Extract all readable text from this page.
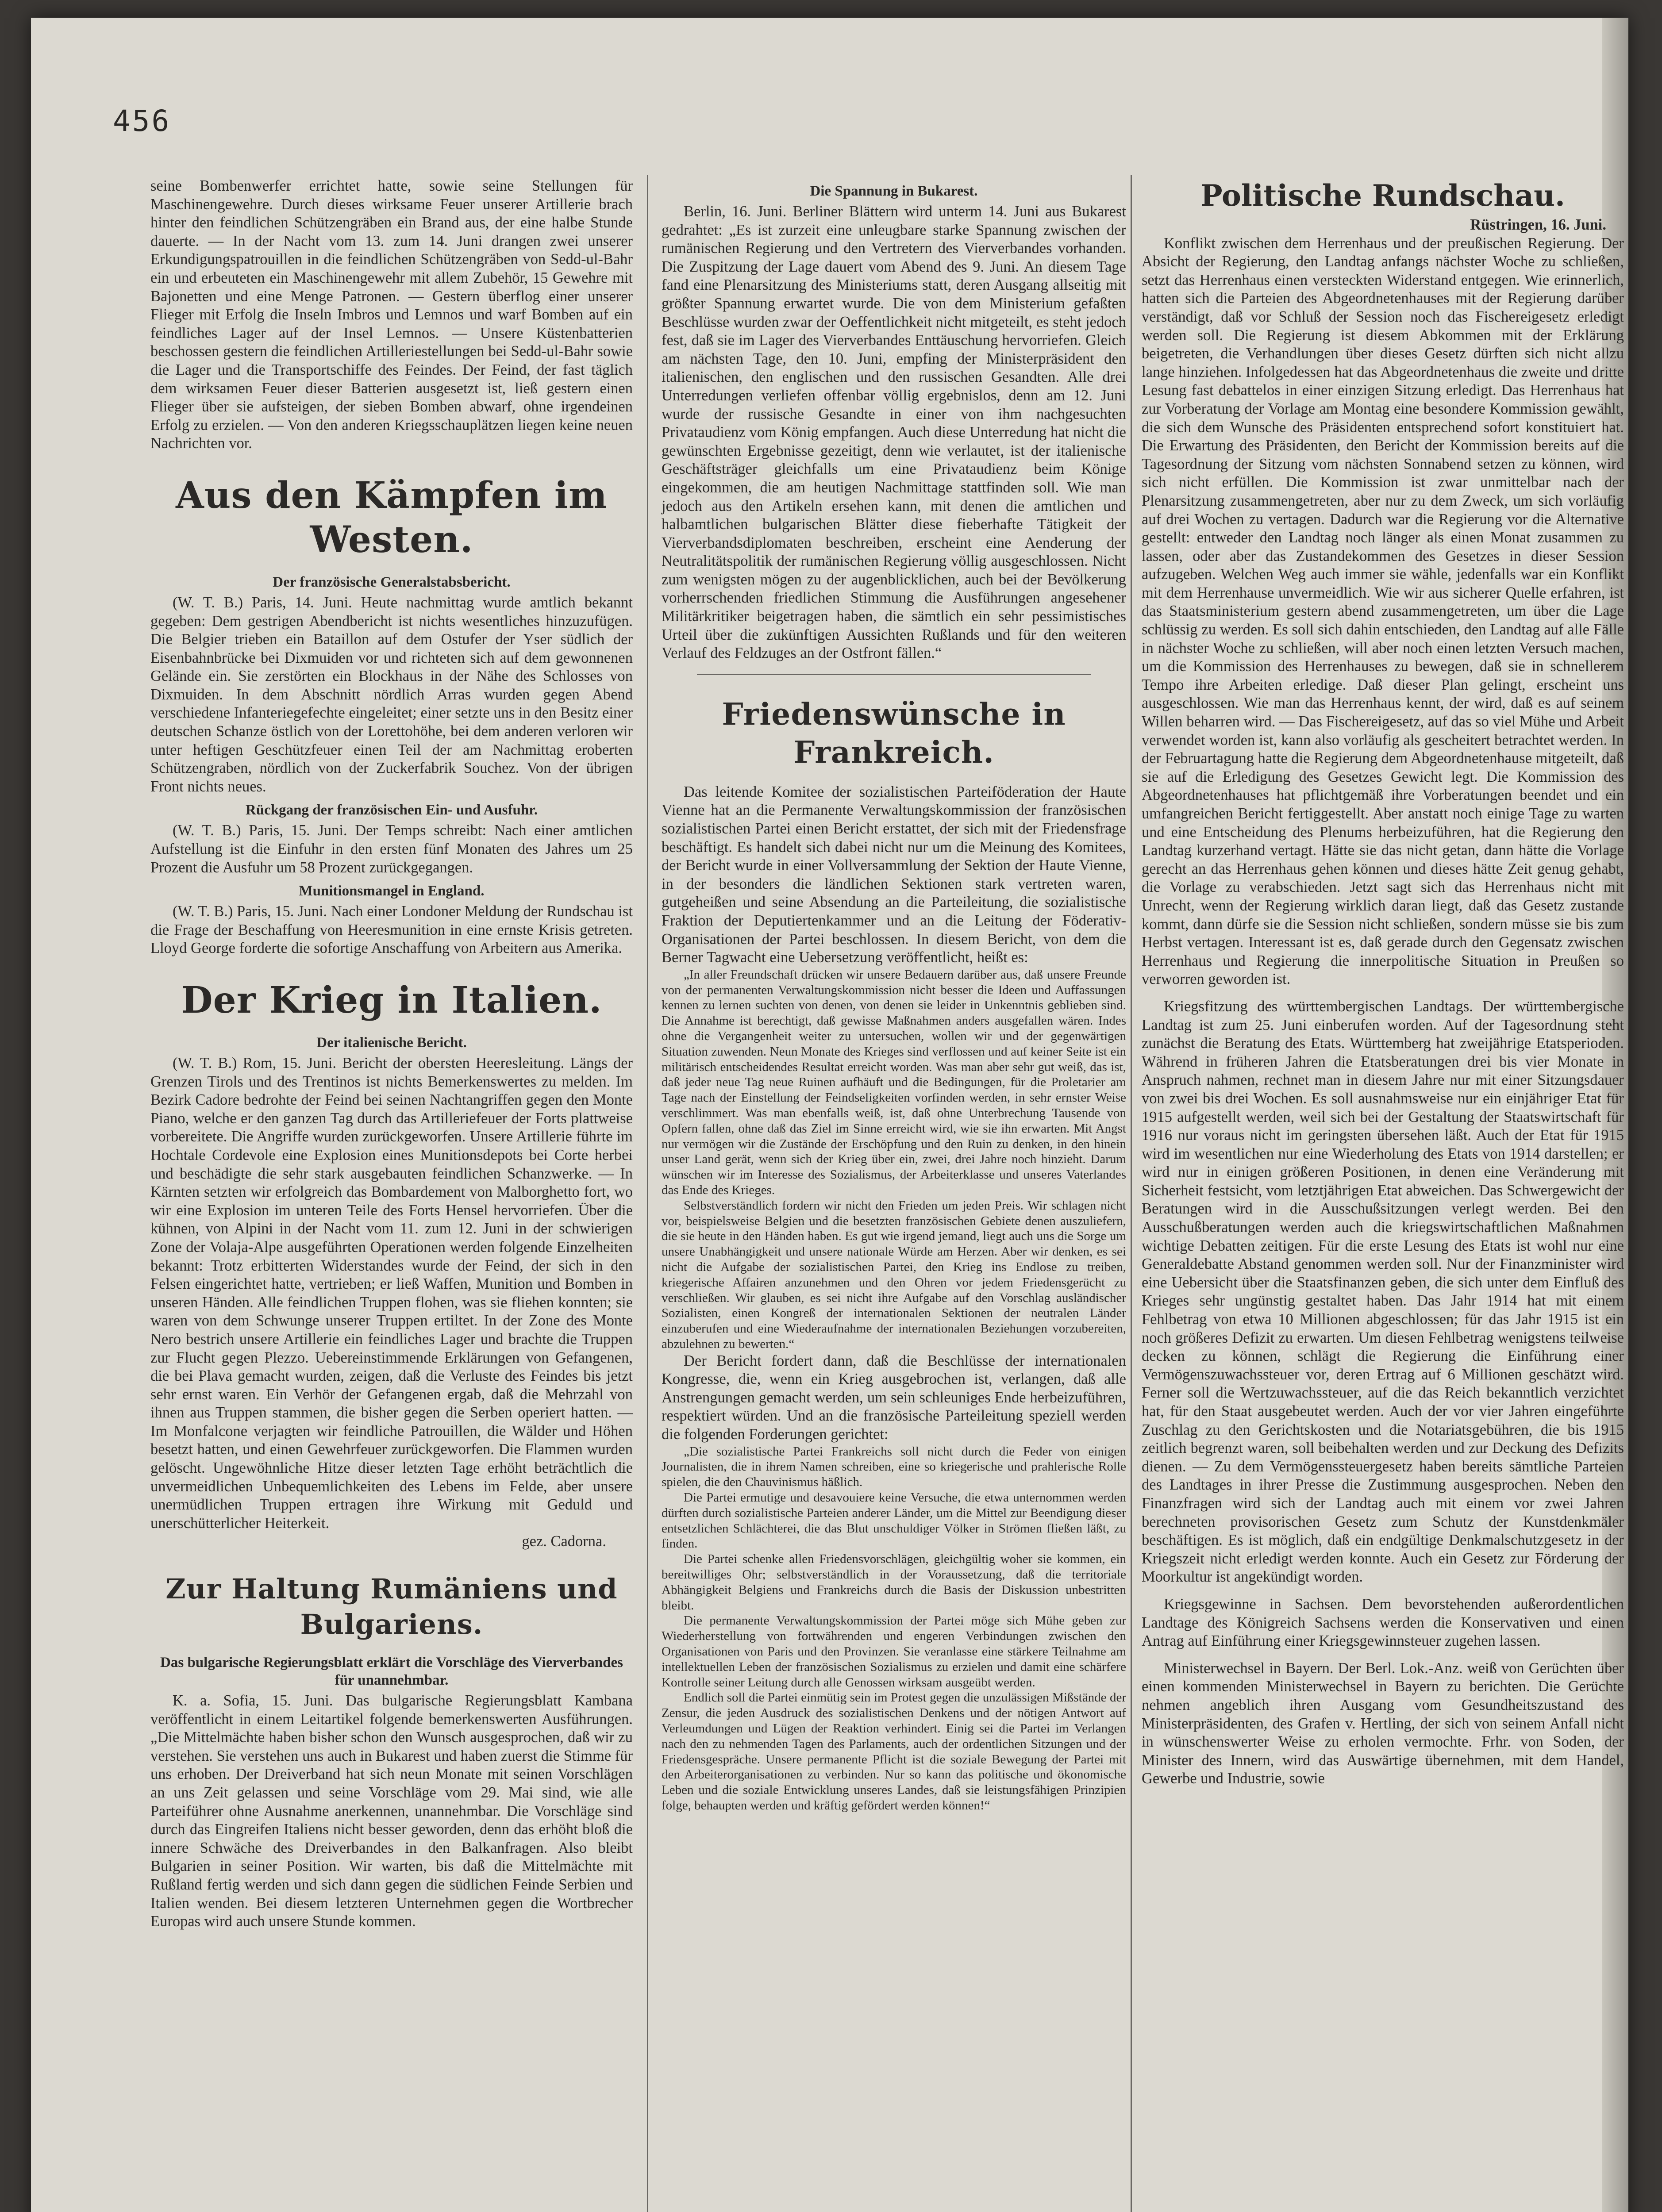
456

seine Bombenwerfer errichtet hatte, sowie seine Stellungen für Maschinengewehre. Durch dieses wirksame Feuer unserer Artillerie brach hinter den feindlichen Schützengräben ein Brand aus, der eine halbe Stunde dauerte. — In der Nacht vom 13. zum 14. Juni drangen zwei unserer Erkundigungspatrouillen in die feindlichen Schützengräben von Sedd-ul-Bahr ein und erbeuteten ein Maschinengewehr mit allem Zubehör, 15 Gewehre mit Bajonetten und eine Menge Patronen. — Gestern überflog einer unserer Flieger mit Erfolg die Inseln Imbros und Lemnos und warf Bomben auf ein feindliches Lager auf der Insel Lemnos. — Unsere Küstenbatterien beschossen gestern die feindlichen Artilleriestellungen bei Sedd-ul-Bahr sowie die Lager und die Transportschiffe des Feindes. Der Feind, der fast täglich dem wirksamen Feuer dieser Batterien ausgesetzt ist, ließ gestern einen Flieger über sie aufsteigen, der sieben Bomben abwarf, ohne irgendeinen Erfolg zu erzielen. — Von den anderen Kriegsschauplätzen liegen keine neuen Nachrichten vor.

Aus den Kämpfen im Westen.
Der französische Generalstabsbericht.

(W. T. B.) Paris, 14. Juni. Heute nachmittag wurde amtlich bekannt gegeben: Dem gestrigen Abendbericht ist nichts wesentliches hinzuzufügen. Die Belgier trieben ein Bataillon auf dem Ostufer der Yser südlich der Eisenbahnbrücke bei Dixmuiden vor und richteten sich auf dem gewonnenen Gelände ein. Sie zerstörten ein Blockhaus in der Nähe des Schlosses von Dixmuiden. In dem Abschnitt nördlich Arras wurden gegen Abend verschiedene Infanteriegefechte eingeleitet; einer setzte uns in den Besitz einer deutschen Schanze östlich von der Lorettohöhe, bei dem anderen verloren wir unter heftigen Geschützfeuer einen Teil der am Nachmittag eroberten Schützengraben, nördlich von der Zuckerfabrik Souchez. Von der übrigen Front nichts neues.

Rückgang der französischen Ein- und Ausfuhr.

(W. T. B.) Paris, 15. Juni. Der Temps schreibt: Nach einer amtlichen Aufstellung ist die Einfuhr in den ersten fünf Monaten des Jahres um 25 Prozent die Ausfuhr um 58 Prozent zurückgegangen.

Munitionsmangel in England.

(W. T. B.) Paris, 15. Juni. Nach einer Londoner Meldung der Rundschau ist die Frage der Beschaffung von Heeresmunition in eine ernste Krisis getreten. Lloyd George forderte die sofortige Anschaffung von Arbeitern aus Amerika.

Der Krieg in Italien.
Der italienische Bericht.

(W. T. B.) Rom, 15. Juni. Bericht der obersten Heeresleitung. Längs der Grenzen Tirols und des Trentinos ist nichts Bemerkenswertes zu melden. Im Bezirk Cadore bedrohte der Feind bei seinen Nachtangriffen gegen den Monte Piano, welche er den ganzen Tag durch das Artilleriefeuer der Forts plattweise vorbereitete. Die Angriffe wurden zurückgeworfen. Unsere Artillerie führte im Hochtale Cordevole eine Explosion eines Munitionsdepots bei Corte herbei und beschädigte die sehr stark ausgebauten feindlichen Schanzwerke. — In Kärnten setzten wir erfolgreich das Bombardement von Malborghetto fort, wo wir eine Explosion im unteren Teile des Forts Hensel hervorriefen. Über die kühnen, von Alpini in der Nacht vom 11. zum 12. Juni in der schwierigen Zone der Volaja-Alpe ausgeführten Operationen werden folgende Einzelheiten bekannt: Trotz erbitterten Widerstandes wurde der Feind, der sich in den Felsen eingerichtet hatte, vertrieben; er ließ Waffen, Munition und Bomben in unseren Händen. Alle feindlichen Truppen flohen, was sie fliehen konnten; sie waren von dem Schwunge unserer Truppen ertiltet. In der Zone des Monte Nero bestrich unsere Artillerie ein feindliches Lager und brachte die Truppen zur Flucht gegen Plezzo. Uebereinstimmende Erklärungen von Gefangenen, die bei Plava gemacht wurden, zeigen, daß die Verluste des Feindes bis jetzt sehr ernst waren. Ein Verhör der Gefangenen ergab, daß die Mehrzahl von ihnen aus Truppen stammen, die bisher gegen die Serben operiert hatten. — Im Monfalcone verjagten wir feindliche Patrouillen, die Wälder und Höhen besetzt hatten, und einen Gewehrfeuer zurückgeworfen. Die Flammen wurden gelöscht. Ungewöhnliche Hitze dieser letzten Tage erhöht beträchtlich die unvermeidlichen Unbequemlichkeiten des Lebens im Felde, aber unsere unermüdlichen Truppen ertragen ihre Wirkung mit Geduld und unerschütterlicher Heiterkeit.

gez. Cadorna.
Zur Haltung Rumäniens und Bulgariens.
Das bulgarische Regierungsblatt erklärt die Vorschläge des Vierverbandes für unannehmbar.

K. a. Sofia, 15. Juni. Das bulgarische Regierungsblatt Kambana veröffentlicht in einem Leitartikel folgende bemerkenswerten Ausführungen. „Die Mittelmächte haben bisher schon den Wunsch ausgesprochen, daß wir zu verstehen. Sie verstehen uns auch in Bukarest und haben zuerst die Stimme für uns erhoben. Der Dreiverband hat sich neun Monate mit seinen Vorschlägen an uns Zeit gelassen und seine Vorschläge vom 29. Mai sind, wie alle Parteiführer ohne Ausnahme anerkennen, unannehmbar. Die Vorschläge sind durch das Eingreifen Italiens nicht besser geworden, denn das erhöht bloß die innere Schwäche des Dreiverbandes in den Balkanfragen. Also bleibt Bulgarien in seiner Position. Wir warten, bis daß die Mittelmächte mit Rußland fertig werden und sich dann gegen die südlichen Feinde Serbien und Italien wenden. Bei diesem letzteren Unternehmen gegen die Wortbrecher Europas wird auch unsere Stunde kommen.

Die Spannung in Bukarest.

Berlin, 16. Juni. Berliner Blättern wird unterm 14. Juni aus Bukarest gedrahtet: „Es ist zurzeit eine unleugbare starke Spannung zwischen der rumänischen Regierung und den Vertretern des Vierverbandes vorhanden. Die Zuspitzung der Lage dauert vom Abend des 9. Juni. An diesem Tage fand eine Plenarsitzung des Ministeriums statt, deren Ausgang allseitig mit größter Spannung erwartet wurde. Die von dem Ministerium gefaßten Beschlüsse wurden zwar der Oeffentlichkeit nicht mitgeteilt, es steht jedoch fest, daß sie im Lager des Vierverbandes Enttäuschung hervorriefen. Gleich am nächsten Tage, den 10. Juni, empfing der Ministerpräsident den italienischen, den englischen und den russischen Gesandten. Alle drei Unterredungen verliefen offenbar völlig ergebnislos, denn am 12. Juni wurde der russische Gesandte in einer von ihm nachgesuchten Privataudienz vom König empfangen. Auch diese Unterredung hat nicht die gewünschten Ergebnisse gezeitigt, denn wie verlautet, ist der italienische Geschäftsträger gleichfalls um eine Privataudienz beim Könige eingekommen, die am heutigen Nachmittage stattfinden soll. Wie man jedoch aus den Artikeln ersehen kann, mit denen die amtlichen und halbamtlichen bulgarischen Blätter diese fieberhafte Tätigkeit der Vierverbandsdiplomaten beschreiben, erscheint eine Aenderung der Neutralitätspolitik der rumänischen Regierung völlig ausgeschlossen. Nicht zum wenigsten mögen zu der augenblicklichen, auch bei der Bevölkerung vorherrschenden friedlichen Stimmung die Ausführungen angesehener Militärkritiker beigetragen haben, die sämtlich ein sehr pessimistisches Urteil über die zukünftigen Aussichten Rußlands und für den weiteren Verlauf des Feldzuges an der Ostfront fällen.“

Friedenswünsche in Frankreich.

Das leitende Komitee der sozialistischen Parteiföderation der Haute Vienne hat an die Permanente Verwaltungskommission der französischen sozialistischen Partei einen Bericht erstattet, der sich mit der Friedensfrage beschäftigt. Es handelt sich dabei nicht nur um die Meinung des Komitees, der Bericht wurde in einer Vollversammlung der Sektion der Haute Vienne, in der besonders die ländlichen Sektionen stark vertreten waren, gutgeheißen und seine Absendung an die Parteileitung, die sozialistische Fraktion der Deputiertenkammer und an die Leitung der Föderativ-Organisationen der Partei beschlossen. In diesem Bericht, von dem die Berner Tagwacht eine Uebersetzung veröffentlicht, heißt es:

„In aller Freundschaft drücken wir unsere Bedauern darüber aus, daß unsere Freunde von der permanenten Verwaltungskommission nicht besser die Ideen und Auffassungen kennen zu lernen suchten von denen, von denen sie leider in Unkenntnis geblieben sind. Die Annahme ist berechtigt, daß gewisse Maßnahmen anders ausgefallen wären. Indes ohne die Vergangenheit weiter zu untersuchen, wollen wir und der gegenwärtigen Situation zuwenden. Neun Monate des Krieges sind verflossen und auf keiner Seite ist ein militärisch entscheidendes Resultat erreicht worden. Was man aber sehr gut weiß, das ist, daß jeder neue Tag neue Ruinen aufhäuft und die Bedingungen, für die Proletarier am Tage nach der Einstellung der Feindseligkeiten vorfinden werden, in sehr ernster Weise verschlimmert. Was man ebenfalls weiß, ist, daß ohne Unterbrechung Tausende von Opfern fallen, ohne daß das Ziel im Sinne erreicht wird, wie sie ihn erwarten. Mit Angst nur vermögen wir die Zustände der Erschöpfung und den Ruin zu denken, in den hinein unser Land gerät, wenn sich der Krieg über ein, zwei, drei Jahre noch hinzieht. Darum wünschen wir im Interesse des Sozialismus, der Arbeiterklasse und unseres Vaterlandes das Ende des Krieges.

Selbstverständlich fordern wir nicht den Frieden um jeden Preis. Wir schlagen nicht vor, beispielsweise Belgien und die besetzten französischen Gebiete denen auszuliefern, die sie heute in den Händen haben. Es gut wie irgend jemand, liegt auch uns die Sorge um unsere Unabhängigkeit und unsere nationale Würde am Herzen. Aber wir denken, es sei nicht die Aufgabe der sozialistischen Partei, den Krieg ins Endlose zu treiben, kriegerische Affairen anzunehmen und den Ohren vor jedem Friedensgerücht zu verschließen. Wir glauben, es sei nicht ihre Aufgabe auf den Vorschlag ausländischer Sozialisten, einen Kongreß der internationalen Sektionen der neutralen Länder einzuberufen und eine Wiederaufnahme der internationalen Beziehungen vorzubereiten, abzulehnen zu bewerten.“

Der Bericht fordert dann, daß die Beschlüsse der internationalen Kongresse, die, wenn ein Krieg ausgebrochen ist, verlangen, daß alle Anstrengungen gemacht werden, um sein schleuniges Ende herbeizuführen, respektiert würden. Und an die französische Parteileitung speziell werden die folgenden Forderungen gerichtet:

„Die sozialistische Partei Frankreichs soll nicht durch die Feder von einigen Journalisten, die in ihrem Namen schreiben, eine so kriegerische und prahlerische Rolle spielen, die den Chauvinismus häßlich.

Die Partei ermutige und desavouiere keine Versuche, die etwa unternommen werden dürften durch sozialistische Parteien anderer Länder, um die Mittel zur Beendigung dieser entsetzlichen Schlächterei, die das Blut unschuldiger Völker in Strömen fließen läßt, zu finden.

Die Partei schenke allen Friedensvorschlägen, gleichgültig woher sie kommen, ein bereitwilliges Ohr; selbstverständlich in der Voraussetzung, daß die territoriale Abhängigkeit Belgiens und Frankreichs durch die Basis der Diskussion unbestritten bleibt.

Die permanente Verwaltungskommission der Partei möge sich Mühe geben zur Wiederherstellung von fortwährenden und engeren Verbindungen zwischen den Organisationen von Paris und den Provinzen. Sie veranlasse eine stärkere Teilnahme am intellektuellen Leben der französischen Sozialismus zu erzielen und damit eine schärfere Kontrolle seiner Leitung durch alle Genossen wirksam ausgeübt werden.

Endlich soll die Partei einmütig sein im Protest gegen die unzulässigen Mißstände der Zensur, die jeden Ausdruck des sozialistischen Denkens und der nötigen Antwort auf Verleumdungen und Lügen der Reaktion verhindert. Einig sei die Partei im Verlangen nach den zu nehmenden Tagen des Parlaments, auch der ordentlichen Sitzungen und der Friedensgespräche. Unsere permanente Pflicht ist die soziale Bewegung der Partei mit den Arbeiterorganisationen zu verbinden. Nur so kann das politische und ökonomische Leben und die soziale Entwicklung unseres Landes, daß sie leistungsfähigen Prinzipien folge, behaupten werden und kräftig gefördert werden können!“

Politische Rundschau.
Rüstringen, 16. Juni.

Konflikt zwischen dem Herrenhaus und der preußischen Regierung. Der Absicht der Regierung, den Landtag anfangs nächster Woche zu schließen, setzt das Herrenhaus einen versteckten Widerstand entgegen. Wie erinnerlich, hatten sich die Parteien des Abgeordnetenhauses mit der Regierung darüber verständigt, daß vor Schluß der Session noch das Fischereigesetz erledigt werden soll. Die Regierung ist diesem Abkommen mit der Erklärung beigetreten, die Verhandlungen über dieses Gesetz dürften sich nicht allzu lange hinziehen. Infolgedessen hat das Abgeordnetenhaus die zweite und dritte Lesung fast debattelos in einer einzigen Sitzung erledigt. Das Herrenhaus hat zur Vorberatung der Vorlage am Montag eine besondere Kommission gewählt, die sich dem Wunsche des Präsidenten entsprechend sofort konstituiert hat. Die Erwartung des Präsidenten, den Bericht der Kommission bereits auf die Tagesordnung der Sitzung vom nächsten Sonnabend setzen zu können, wird sich nicht erfüllen. Die Kommission ist zwar unmittelbar nach der Plenarsitzung zusammengetreten, aber nur zu dem Zweck, um sich vorläufig auf drei Wochen zu vertagen. Dadurch war die Regierung vor die Alternative gestellt: entweder den Landtag noch länger als einen Monat zusammen zu lassen, oder aber das Zustandekommen des Gesetzes in dieser Session aufzugeben. Welchen Weg auch immer sie wähle, jedenfalls war ein Konflikt mit dem Herrenhause unvermeidlich. Wie wir aus sicherer Quelle erfahren, ist das Staatsministerium gestern abend zusammengetreten, um über die Lage schlüssig zu werden. Es soll sich dahin entschieden, den Landtag auf alle Fälle in nächster Woche zu schließen, will aber noch einen letzten Versuch machen, um die Kommission des Herrenhauses zu bewegen, daß sie in schnellerem Tempo ihre Arbeiten erledige. Daß dieser Plan gelingt, erscheint uns ausgeschlossen. Wie man das Herrenhaus kennt, der wird, daß es auf seinem Willen beharren wird. — Das Fischereigesetz, auf das so viel Mühe und Arbeit verwendet worden ist, kann also vorläufig als gescheitert betrachtet werden. In der Februartagung hatte die Regierung dem Abgeordnetenhause mitgeteilt, daß sie auf die Erledigung des Gesetzes Gewicht legt. Die Kommission des Abgeordnetenhauses hat pflichtgemäß ihre Vorberatungen beendet und ein umfangreichen Bericht fertiggestellt. Aber anstatt noch einige Tage zu warten und eine Entscheidung des Plenums herbeizuführen, hat die Regierung den Landtag kurzerhand vertagt. Hätte sie das nicht getan, dann hätte die Vorlage gerecht an das Herrenhaus gehen können und dieses hätte Zeit genug gehabt, die Vorlage zu verabschieden. Jetzt sagt sich das Herrenhaus nicht mit Unrecht, wenn der Regierung wirklich daran liegt, daß das Gesetz zustande kommt, dann dürfe sie die Session nicht schließen, sondern müsse sie bis zum Herbst vertagen. Interessant ist es, daß gerade durch den Gegensatz zwischen Herrenhaus und Regierung die innerpolitische Situation in Preußen so verworren geworden ist.

Kriegsfitzung des württembergischen Landtags. Der württembergische Landtag ist zum 25. Juni einberufen worden. Auf der Tagesordnung steht zunächst die Beratung des Etats. Württemberg hat zweijährige Etatsperioden. Während in früheren Jahren die Etatsberatungen drei bis vier Monate in Anspruch nahmen, rechnet man in diesem Jahre nur mit einer Sitzungsdauer von zwei bis drei Wochen. Es soll ausnahmsweise nur ein einjähriger Etat für 1915 aufgestellt werden, weil sich bei der Gestaltung der Staatswirtschaft für 1916 nur voraus nicht im geringsten übersehen läßt. Auch der Etat für 1915 wird im wesentlichen nur eine Wiederholung des Etats von 1914 darstellen; er wird nur in einigen größeren Positionen, in denen eine Veränderung mit Sicherheit festsicht, vom letztjährigen Etat abweichen. Das Schwergewicht der Beratungen wird in die Ausschußsitzungen verlegt werden. Bei den Ausschußberatungen werden auch die kriegswirtschaftlichen Maßnahmen wichtige Debatten zeitigen. Für die erste Lesung des Etats ist wohl nur eine Generaldebatte Abstand genommen werden soll. Nur der Finanzminister wird eine Uebersicht über die Staatsfinanzen geben, die sich unter dem Einfluß des Krieges sehr ungünstig gestaltet haben. Das Jahr 1914 hat mit einem Fehlbetrag von etwa 10 Millionen abgeschlossen; für das Jahr 1915 ist ein noch größeres Defizit zu erwarten. Um diesen Fehlbetrag wenigstens teilweise decken zu können, schlägt die Regierung die Einführung einer Vermögenszuwachssteuer vor, deren Ertrag auf 6 Millionen geschätzt wird. Ferner soll die Wertzuwachssteuer, auf die das Reich bekanntlich verzichtet hat, für den Staat ausgebeutet werden. Auch der vor vier Jahren eingeführte Zuschlag zu den Gerichtskosten und die Notariatsgebühren, die bis 1915 zeitlich begrenzt waren, soll beibehalten werden und zur Deckung des Defizits dienen. — Zu dem Vermögenssteuergesetz haben bereits sämtliche Parteien des Landtages in ihrer Presse die Zustimmung ausgesprochen. Neben den Finanzfragen wird sich der Landtag auch mit einem vor zwei Jahren berechneten provisorischen Gesetz zum Schutz der Kunstdenkmäler beschäftigen. Es ist möglich, daß ein endgültige Denkmalschutzgesetz in der Kriegszeit nicht erledigt werden konnte. Auch ein Gesetz zur Förderung der Moorkultur ist angekündigt worden.

Kriegsgewinne in Sachsen. Dem bevorstehenden außerordentlichen Landtage des Königreich Sachsens werden die Konservativen und einen Antrag auf Einführung einer Kriegsgewinnsteuer zugehen lassen.

Ministerwechsel in Bayern. Der Berl. Lok.-Anz. weiß von Gerüchten über einen kommenden Ministerwechsel in Bayern zu berichten. Die Gerüchte nehmen angeblich ihren Ausgang vom Gesundheitszustand des Ministerpräsidenten, des Grafen v. Hertling, der sich von seinem Anfall nicht in wünschenswerter Weise zu erholen vermochte. Frhr. von Soden, der Minister des Innern, wird das Auswärtige übernehmen, mit dem Handel, Gewerbe und Industrie, sowie
